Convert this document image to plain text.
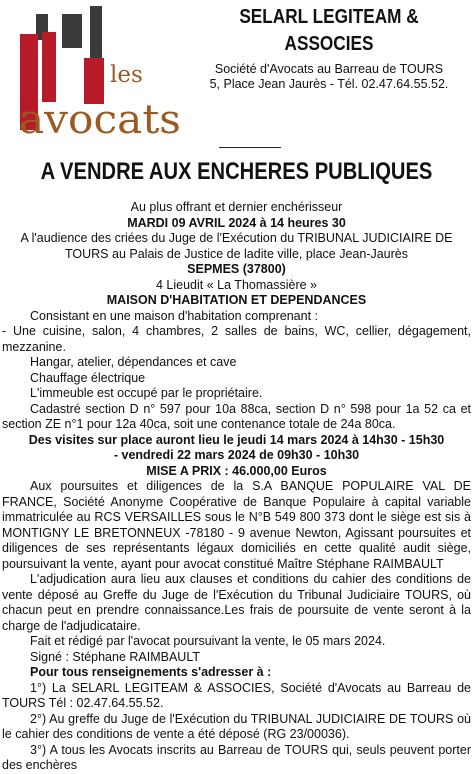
les
avocats
SELARL LEGITEAM &
ASSOCIES
Société d'Avocats au Barreau de TOURS
5, Place Jean Jaurès - Tél. 02.47.64.55.52.
A VENDRE AUX ENCHERES PUBLIQUES

Au plus offrant et dernier enchérisseur

MARDI 09 AVRIL 2024 à 14 heures 30

A l'audience des criées du Juge de l'Exécution du TRIBUNAL JUDICIAIRE DE TOURS au Palais de Justice de ladite ville, place Jean-Jaurès

SEPMES (37800)

4 Lieudit « La Thomassière »

MAISON D'HABITATION ET DEPENDANCES

Consistant en une maison d'habitation comprenant :

- Une cuisine, salon, 4 chambres, 2 salles de bains, WC, cellier, dégagement, mezzanine.

Hangar, atelier, dépendances et cave

Chauffage électrique

L'immeuble est occupé par le propriétaire.

Cadastré section D n° 597 pour 10a 88ca, section D n° 598 pour 1a 52 ca et section ZE n°1 pour 12a 40ca, soit une contenance totale de 24a 80ca.

Des visites sur place auront lieu le jeudi 14 mars 2024 à 14h30 - 15h30

- vendredi 22 mars 2024 de 09h30 - 10h30

MISE A PRIX : 46.000,00 Euros

Aux poursuites et diligences de la S.A BANQUE POPULAIRE VAL DE FRANCE, Société Anonyme Coopérative de Banque Populaire à capital variable immatriculée au RCS VERSAILLES sous le N°B 549 800 373 dont le siège est sis à MONTIGNY LE BRETONNEUX -78180 - 9 avenue Newton, Agissant poursuites et diligences de ses représentants légaux domiciliés en cette qualité audit siège, poursuivant la vente, ayant pour avocat constitué Maître Stéphane RAIMBAULT

L'adjudication aura lieu aux clauses et conditions du cahier des conditions de vente déposé au Greffe du Juge de l'Exécution du Tribunal Judiciaire TOURS, où chacun peut en prendre connaissance.Les frais de poursuite de vente seront à la charge de l'adjudicataire.

Fait et rédigé par l'avocat poursuivant la vente, le 05 mars 2024.

Signé : Stéphane RAIMBAULT

Pour tous renseignements s'adresser à :

1°) La SELARL LEGITEAM & ASSOCIES, Société d'Avocats au Barreau de TOURS Tél : 02.47.64.55.52.

2°) Au greffe du Juge de l'Exécution du TRIBUNAL JUDICIAIRE DE TOURS où le cahier des conditions de vente a été déposé (RG 23/00036).

3°) A tous les Avocats inscrits au Barreau de TOURS qui, seuls peuvent porter des enchères
